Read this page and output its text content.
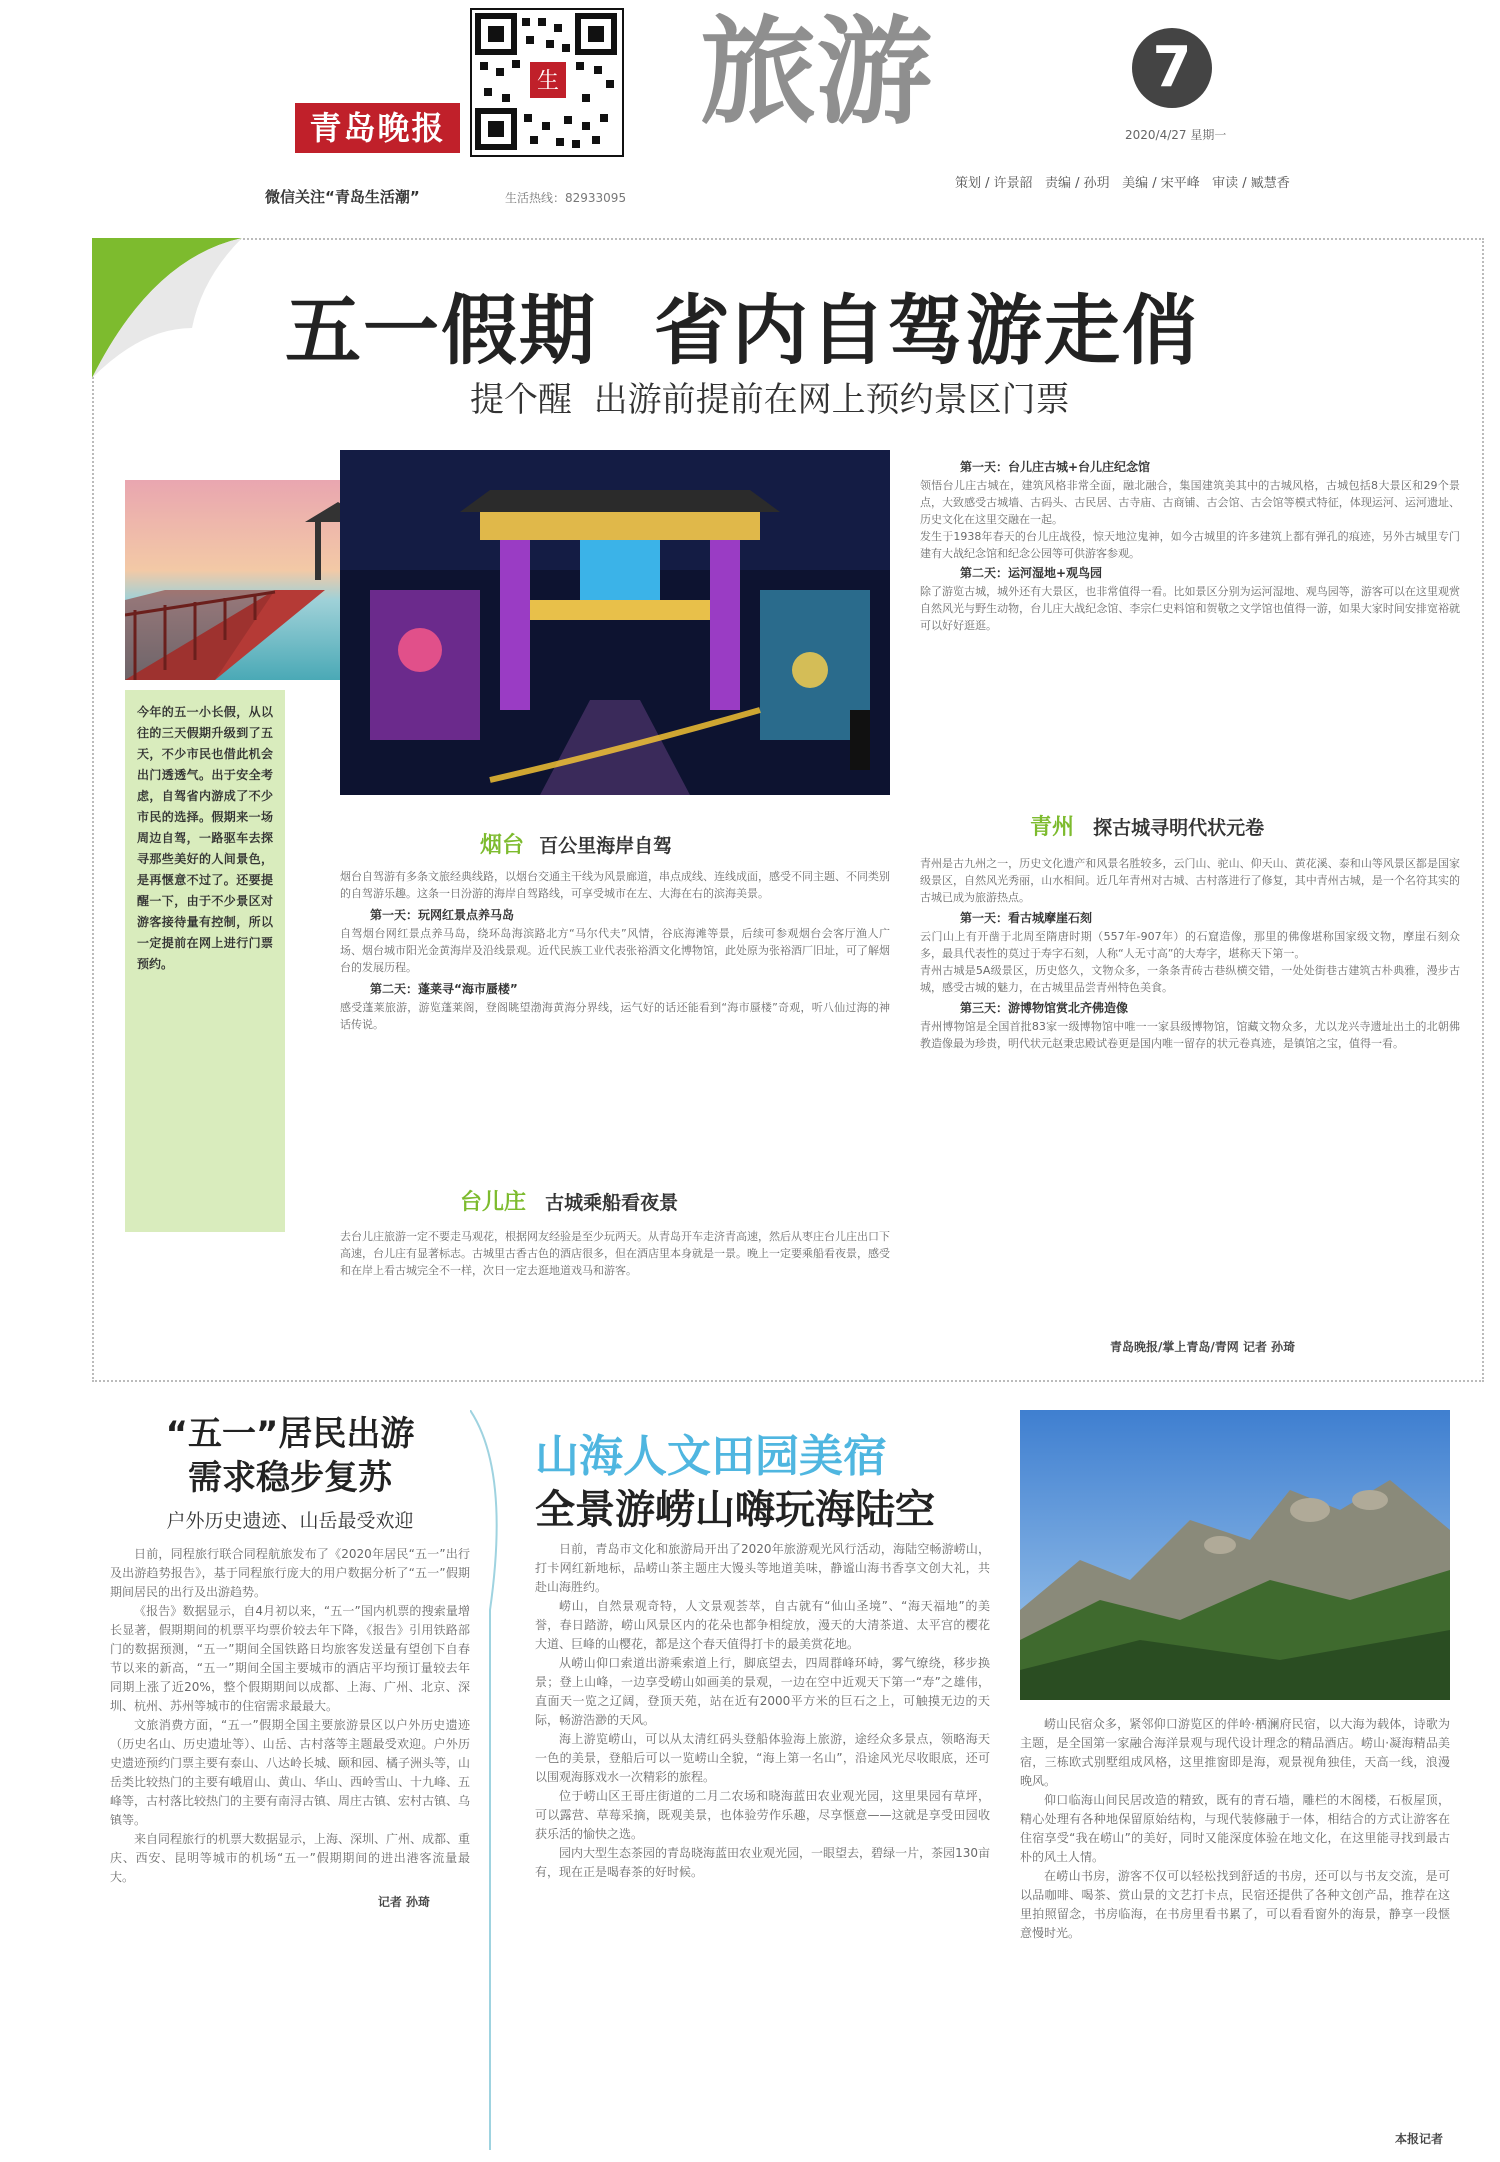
青岛晚报
生 旅游	7
2020/4/27 星期一
微信关注“青岛生活潮”	生活热线：82933095
策划 / 许景韶   责编 / 孙玥   美编 / 宋平峰   审读 / 臧慧香
五一假期  省内自驾游走俏
提个醒  出游前提前在网上预约景区门票
今年的五一小长假，从以往的三天假期升级到了五天，不少市民也借此机会出门透透气。出于安全考虑，自驾省内游成了不少市民的选择。假期来一场周边自驾，一路驱车去探寻那些美好的人间景色，是再惬意不过了。还要提醒一下，由于不少景区对游客接待量有控制，所以一定提前在网上进行门票预约。
烟台 百公里海岸自驾
烟台自驾游有多条文旅经典线路，以烟台交通主干线为风景廊道，串点成线、连线成面，感受不同主题、不同类别的自驾游乐趣。这条一日汾游的海岸自驾路线，可享受城市在左、大海在右的滨海美景。
第一天：玩网红景点养马岛
自驾烟台网红景点养马岛，绕环岛海滨路北方“马尔代夫”风情，谷底海滩等景，后续可参观烟台会客厅渔人广场、烟台城市阳光金黄海岸及沿线景观。近代民族工业代表张裕酒文化博物馆，此处原为张裕酒厂旧址，可了解烟台的发展历程。
第二天：蓬莱寻“海市蜃楼”
感受蓬莱旅游，游览蓬莱阁，登阁眺望渤海黄海分界线，运气好的话还能看到“海市蜃楼”奇观，听八仙过海的神话传说。
台儿庄 古城乘船看夜景
去台儿庄旅游一定不要走马观花，根据网友经验是至少玩两天。从青岛开车走济青高速，然后从枣庄台儿庄出口下高速，台儿庄有显著标志。古城里古香古色的酒店很多，但在酒店里本身就是一景。晚上一定要乘船看夜景，感受和在岸上看古城完全不一样，次日一定去逛地道戏马和游客。
第一天：台儿庄古城+台儿庄纪念馆
领悟台儿庄古城在，建筑风格非常全面，融北融合，集国建筑美其中的古城风格，古城包括8大景区和29个景点，大致感受古城墙、古码头、古民居、古寺庙、古商铺、古会馆、古会馆等模式特征，体现运河、运河遗址、历史文化在这里交融在一起。
发生于1938年春天的台儿庄战役，惊天地泣鬼神，如今古城里的许多建筑上都有弹孔的痕迹，另外古城里专门建有大战纪念馆和纪念公园等可供游客参观。
第二天：运河湿地+观鸟园
除了游览古城，城外还有大景区，也非常值得一看。比如景区分别为运河湿地、观鸟园等，游客可以在这里观赏自然风光与野生动物，台儿庄大战纪念馆、李宗仁史料馆和贺敬之文学馆也值得一游，如果大家时间安排宽裕就可以好好逛逛。
青州 探古城寻明代状元卷
青州是古九州之一，历史文化遗产和风景名胜较多，云门山、驼山、仰天山、黄花溪、泰和山等风景区都是国家级景区，自然风光秀丽，山水相间。近几年青州对古城、古村落进行了修复，其中青州古城，是一个名符其实的古城已成为旅游热点。
第一天：看古城摩崖石刻
云门山上有开凿于北周至隋唐时期（557年-907年）的石窟造像，那里的佛像堪称国家级文物，摩崖石刻众多，最具代表性的莫过于寿字石刻，人称“人无寸高”的大寿字，堪称天下第一。
青州古城是5A级景区，历史悠久，文物众多，一条条青砖古巷纵横交错，一处处街巷古建筑古朴典雅，漫步古城，感受古城的魅力，在古城里品尝青州特色美食。
第三天：游博物馆赏北齐佛造像
青州博物馆是全国首批83家一级博物馆中唯一一家县级博物馆，馆藏文物众多，尤以龙兴寺遗址出土的北朝佛教造像最为珍贵，明代状元赵秉忠殿试卷更是国内唯一留存的状元卷真迹，是镇馆之宝，值得一看。
青岛晚报/掌上青岛/青网 记者 孙琦
“五一”居民出游
需求稳步复苏
户外历史遗迹、山岳最受欢迎
日前，同程旅行联合同程航旅发布了《2020年居民“五一”出行及出游趋势报告》，基于同程旅行庞大的用户数据分析了“五一”假期期间居民的出行及出游趋势。
《报告》数据显示，自4月初以来，“五一”国内机票的搜索量增长显著，假期期间的机票平均票价较去年下降，《报告》引用铁路部门的数据预测，“五一”期间全国铁路日均旅客发送量有望创下自春节以来的新高，“五一”期间全国主要城市的酒店平均预订量较去年同期上涨了近20%，整个假期期间以成都、上海、广州、北京、深圳、杭州、苏州等城市的住宿需求最最大。
文旅消费方面，“五一”假期全国主要旅游景区以户外历史遗迹（历史名山、历史遗址等）、山岳、古村落等主题最受欢迎。户外历史遗迹预约门票主要有泰山、八达岭长城、颐和园、橘子洲头等，山岳类比较热门的主要有峨眉山、黄山、华山、西岭雪山、十九峰、五峰等，古村落比较热门的主要有南浔古镇、周庄古镇、宏村古镇、乌镇等。
来自同程旅行的机票大数据显示，上海、深圳、广州、成都、重庆、西安、昆明等城市的机场“五一”假期期间的进出港客流量最大。
记者 孙琦
山海人文田园美宿
全景游崂山嗨玩海陆空
日前，青岛市文化和旅游局开出了2020年旅游观光风行活动，海陆空畅游崂山，打卡网红新地标，品崂山茶主题庄大馒头等地道美味，静谧山海书香享文创大礼，共赴山海胜约。
崂山，自然景观奇特，人文景观荟萃，自古就有“仙山圣境”、“海天福地”的美誉，春日踏游，崂山风景区内的花朵也都争相绽放，漫天的大清茶道、太平宫的樱花大道、巨峰的山樱花，都是这个春天值得打卡的最美赏花地。
从崂山仰口索道出游乘索道上行，脚底望去，四周群峰环峙，雾气缭绕，移步换景；登上山峰，一边享受崂山如画美的景观，一边在空中近观天下第一“寿”之雄伟，直面天一览之辽阔，登顶天苑，站在近有2000平方米的巨石之上，可触摸无边的天际，畅游浩渺的天风。
海上游览崂山，可以从太清红码头登船体验海上旅游，途经众多景点，领略海天一色的美景，登船后可以一览崂山全貌，“海上第一名山”，沿途风光尽收眼底，还可以围观海豚戏水一次精彩的旅程。
位于崂山区王哥庄街道的二月二农场和晓海蓝田农业观光园，这里果园有草坪，可以露营、草莓采摘，既观美景，也体验劳作乐趣，尽享惬意——这就是享受田园收获乐活的愉快之选。
园内大型生态茶园的青岛晓海蓝田农业观光园，一眼望去，碧绿一片，茶园130亩有，现在正是喝春茶的好时候。
崂山民宿众多，紧邻仰口游览区的伴岭·栖澜府民宿，以大海为载体，诗歌为主题，是全国第一家融合海洋景观与现代设计理念的精品酒店。崂山·凝海精品美宿，三栋欧式别墅组成风格，这里推窗即是海，观景视角独佳，天高一线，浪漫晚风。
仰口临海山间民居改造的精致，既有的青石墙，雕栏的木阁楼，石板屋顶，精心处理有各种地保留原始结构，与现代装修融于一体，相结合的方式让游客在住宿享受“我在崂山”的美好，同时又能深度体验在地文化，在这里能寻找到最古朴的风土人情。
在崂山书房，游客不仅可以轻松找到舒适的书房，还可以与书友交流，是可以品咖啡、喝茶、赏山景的文艺打卡点，民宿还提供了各种文创产品，推荐在这里拍照留念，书房临海，在书房里看书累了，可以看看窗外的海景，静享一段惬意慢时光。
本报记者
